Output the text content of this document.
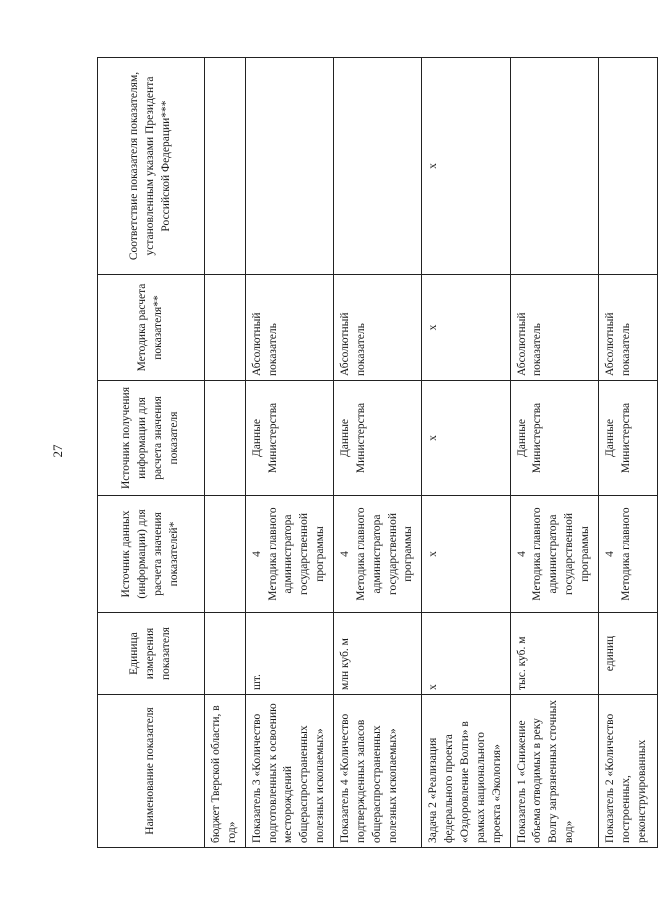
27
Наименование показателя	Единица измерения показателя	Источник данных (информации) для расчета значения показателей*	Источник получения информации для расчета значения показателя	Методика расчета показателя**	Соответствие показателя показателям, установленным указами Президента Российской Федерации***
бюджет Тверской области, в год»					
Показатель 3 «Количество подготовленных к освоению месторождений общераспространенных полезных ископаемых»	шт.	4 Методика главного администратора государственной программы	Данные Министерства	Абсолютный показатель	
Показатель 4 «Количество подтвержденных запасов общераспространенных полезных ископаемых»	млн куб. м	4 Методика главного администратора государственной программы	Данные Министерства	Абсолютный показатель	
Задача 2 «Реализация федерального проекта «Оздоровление Волги» в рамках национального проекта «Экология»	х	х	х	х	х
Показатель 1 «Снижение объема отводимых в реку Волгу загрязненных сточных вод»	тыс. куб. м	4 Методика главного администратора государственной программы	Данные Министерства	Абсолютный показатель	
Показатель 2 «Количество построенных, реконструированных	единиц	4 Методика главного	Данные Министерства	Абсолютный показатель	
